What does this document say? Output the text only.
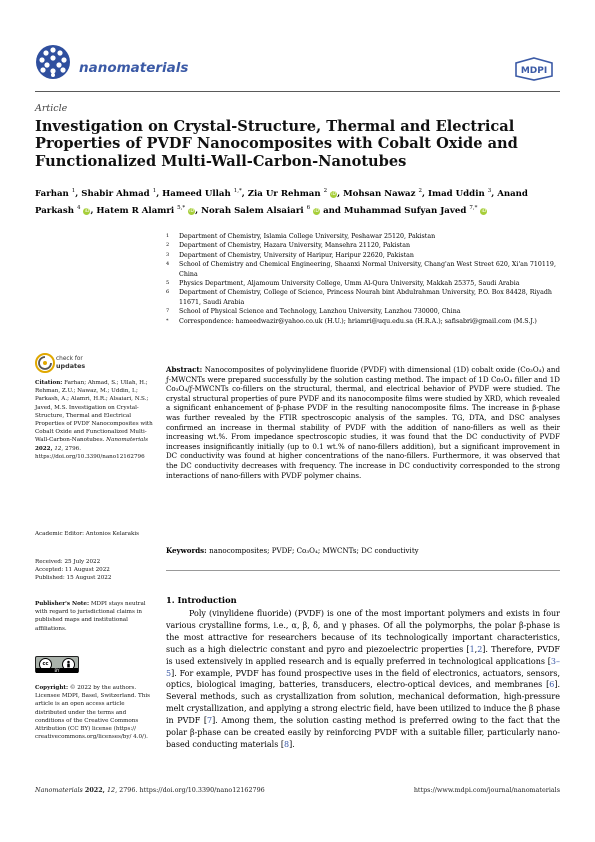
nanomaterials	MDPI
Article
Investigation on Crystal-Structure, Thermal and Electrical Properties of PVDF Nanocomposites with Cobalt Oxide and Functionalized Multi-Wall-Carbon-Nanotubes
Farhan $^1$, Shabir Ahmad $^1$, Hameed Ullah $^{1,*}$, Zia Ur Rehman $^2$ iD, Mohsan Nawaz $^2$, Imad Uddin $^3$, Anand Parkash $^4$ iD, Hatem R Alamri $^{5,*}$ iD, Norah Salem Alsaiari $^6$ iD and Muhammad Sufyan Javed $^{7,*}$ iD
1	Department of Chemistry, Islamia College University, Peshawar 25120, Pakistan
2	Department of Chemistry, Hazara University, Mansehra 21120, Pakistan
3	Department of Chemistry, University of Haripur, Haripur 22620, Pakistan
4	School of Chemistry and Chemical Engineering, Shaanxi Normal University, Chang'an West Street 620, Xi'an 710119, China
5	Physics Department, Aljamoum University College, Umm Al-Qura University, Makkah 25375, Saudi Arabia
6	Department of Chemistry, College of Science, Princess Nourah bint Abdulrahman University, P.O. Box 84428, Riyadh 11671, Saudi Arabia
7	School of Physical Science and Technology, Lanzhou University, Lanzhou 730000, China
*	Correspondence: hameedwazir@yahoo.co.uk (H.U.); hriamri@uqu.edu.sa (H.R.A.); safisabri@gmail.com (M.S.J.)
check for
updates
Citation: Farhan; Ahmad, S.; Ullah, H.; Rehman, Z.U.; Nawaz, M.; Uddin, I.; Parkash, A.; Alamri, H.R.; Alsaiari, N.S.; Javed, M.S. Investigation on Crystal-Structure, Thermal and Electrical Properties of PVDF Nanocomposites with Cobalt Oxide and Functionalized Multi-Wall-Carbon-Nanotubes. Nanomaterials 2022, 12, 2796. https://doi.org/10.3390/nano12162796
Academic Editor: Antonios Kelarakis
Received: 25 July 2022
Accepted: 11 August 2022
Published: 15 August 2022
Publisher's Note: MDPI stays neutral with regard to jurisdictional claims in published maps and institutional affiliations.
cc
BY
Copyright: © 2022 by the authors. Licensee MDPI, Basel, Switzerland. This article is an open access article distributed under the terms and conditions of the Creative Commons Attribution (CC BY) license (https:// creativecommons.org/licenses/by/ 4.0/).
Abstract: Nanocomposites of polyvinylidene fluoride (PVDF) with dimensional (1D) cobalt oxide (Co₃O₄) and ƒ-MWCNTs were prepared successfully by the solution casting method. The impact of 1D Co₃O₄ filler and 1D Co₃O₄/ƒ-MWCNTs co-fillers on the structural, thermal, and electrical behavior of PVDF were studied. The crystal structural properties of pure PVDF and its nanocomposite films were studied by XRD, which revealed a significant enhancement of β-phase PVDF in the resulting nanocomposite films. The increase in β-phase was further revealed by the FTIR spectroscopic analysis of the samples. TG, DTA, and DSC analyses confirmed an increase in thermal stability of PVDF with the addition of nano-fillers as well as their increasing wt.%. From impedance spectroscopic studies, it was found that the DC conductivity of PVDF increases insignificantly initially (up to 0.1 wt.% of nano-fillers addition), but a significant improvement in DC conductivity was found at higher concentrations of the nano-fillers. Furthermore, it was observed that the DC conductivity decreases with frequency. The increase in DC conductivity corresponded to the strong interactions of nano-fillers with PVDF polymer chains.
Keywords: nanocomposites; PVDF; Co₃O₄; MWCNTs; DC conductivity
1. Introduction
Poly (vinylidene fluoride) (PVDF) is one of the most important polymers and exists in four various crystalline forms, i.e., α, β, δ, and γ phases. Of all the polymorphs, the polar β-phase is the most attractive for researchers because of its technologically important characteristics, such as a high dielectric constant and pyro and piezoelectric properties [1,2]. Therefore, PVDF is used extensively in applied research and is equally preferred in technological applications [3–5]. For example, PVDF has found prospective uses in the field of electronics, actuators, sensors, optics, biological imaging, batteries, transducers, electro-optical devices, and membranes [6]. Several methods, such as crystallization from solution, mechanical deformation, high-pressure melt crystallization, and applying a strong electric field, have been utilized to induce the β phase in PVDF [7]. Among them, the solution casting method is preferred owing to the fact that the polar β-phase can be created easily by reinforcing PVDF with a suitable filler, particularly nano-based conducting materials [8].
Nanomaterials 2022, 12, 2796. https://doi.org/10.3390/nano12162796	https://www.mdpi.com/journal/nanomaterials
